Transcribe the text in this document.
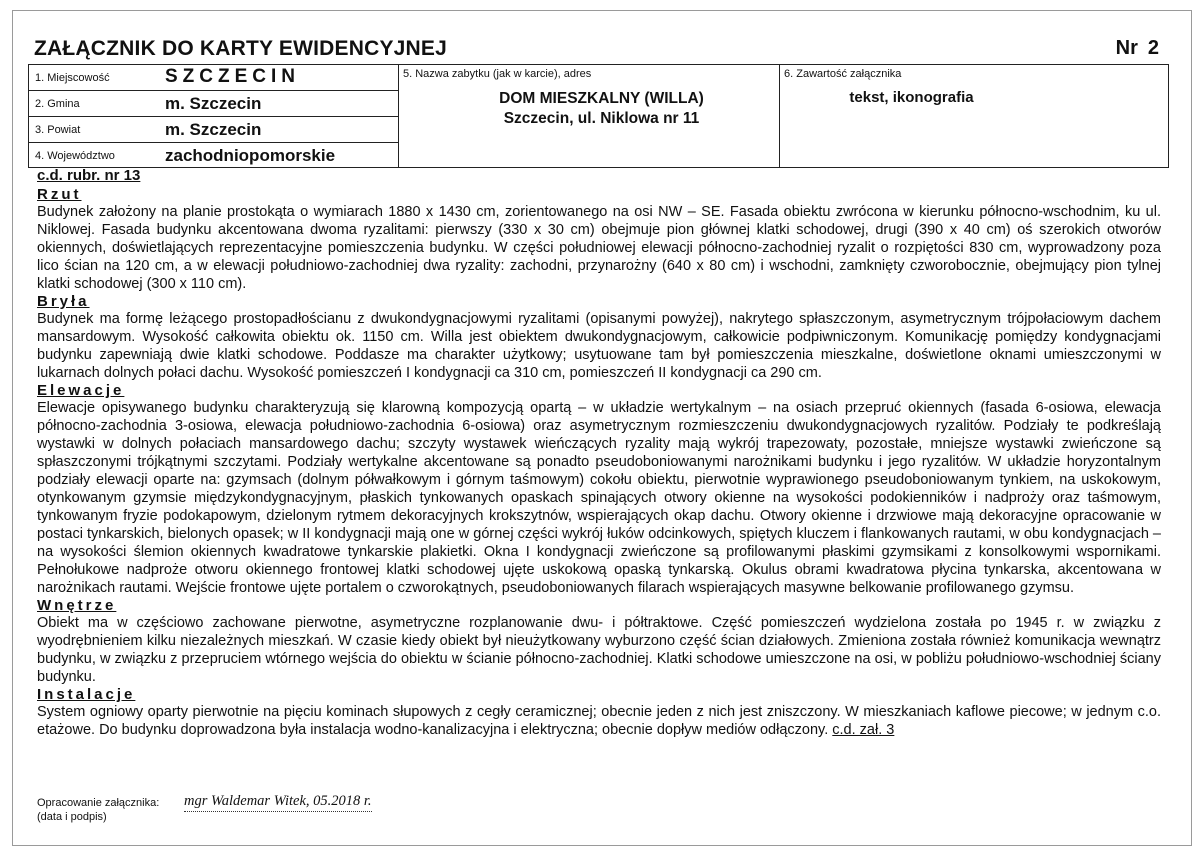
ZAŁĄCZNIK DO KARTY EWIDENCYJNEJ	Nr 2
1. Miejscowość	SZCZECIN
2. Gmina	m. Szczecin
3. Powiat	m. Szczecin
4. Województwo	zachodniopomorskie
5. Nazwa zabytku (jak w karcie), adres
DOM MIESZKALNY (WILLA)
Szczecin, ul. Niklowa nr 11
6. Zawartość załącznika
tekst, ikonografia
c.d. rubr. nr 13
Rzut

Budynek założony na planie prostokąta o wymiarach 1880 x 1430 cm, zorientowanego na osi NW – SE. Fasada obiektu zwrócona w kierunku północno-wschodnim, ku ul. Niklowej. Fasada budynku akcentowana dwoma ryzalitami: pierwszy (330 x 30 cm) obejmuje pion głównej klatki schodowej, drugi (390 x 40 cm) oś szerokich otworów okiennych, doświetlających reprezentacyjne pomieszczenia budynku. W części południowej elewacji północno-zachodniej ryzalit o rozpiętości 830 cm, wyprowadzony poza lico ścian na 120 cm, a w elewacji południowo-zachodniej dwa ryzality: zachodni, przynarożny (640 x 80 cm) i wschodni, zamknięty czworobocznie, obejmujący pion tylnej klatki schodowej (300 x 110 cm).

Bryła

Budynek ma formę leżącego prostopadłościanu z dwukondygnacjowymi ryzalitami (opisanymi powyżej), nakrytego spłaszczonym, asymetrycznym trójpołaciowym dachem mansardowym. Wysokość całkowita obiektu ok. 1150 cm. Willa jest obiektem dwukondygnacjowym, całkowicie podpiwniczonym. Komunikację pomiędzy kondygnacjami budynku zapewniają dwie klatki schodowe. Poddasze ma charakter użytkowy; usytuowane tam był pomieszczenia mieszkalne, doświetlone oknami umieszczonymi w lukarnach dolnych połaci dachu. Wysokość pomieszczeń I kondygnacji ca 310 cm, pomieszczeń II kondygnacji ca 290 cm.

Elewacje

Elewacje opisywanego budynku charakteryzują się klarowną kompozycją opartą – w układzie wertykalnym – na osiach przepruć okiennych (fasada 6-osiowa, elewacja północno-zachodnia 3-osiowa, elewacja południowo-zachodnia 6-osiowa) oraz asymetrycznym rozmieszczeniu dwukondygnacjowych ryzalitów. Podziały te podkreślają wystawki w dolnych połaciach mansardowego dachu; szczyty wystawek wieńczących ryzality mają wykrój trapezowaty, pozostałe, mniejsze wystawki zwieńczone są spłaszczonymi trójkątnymi szczytami. Podziały wertykalne akcentowane są ponadto pseudoboniowanymi narożnikami budynku i jego ryzalitów. W układzie horyzontalnym podziały elewacji oparte na: gzymsach (dolnym półwałkowym i górnym taśmowym) cokołu obiektu, pierwotnie wyprawionego pseudoboniowanym tynkiem, na uskokowym, otynkowanym gzymsie międzykondygnacyjnym, płaskich tynkowanych opaskach spinających otwory okienne na wysokości podokienników i nadproży oraz taśmowym, tynkowanym fryzie podokapowym, dzielonym rytmem dekoracyjnych krokszytnów, wspierających okap dachu. Otwory okienne i drzwiowe mają dekoracyjne opracowanie w postaci tynkarskich, bielonych opasek; w II kondygnacji mają one w górnej części wykrój łuków odcinkowych, spiętych kluczem i flankowanych rautami, w obu kondygnacjach – na wysokości ślemion okiennych kwadratowe tynkarskie plakietki. Okna I kondygnacji zwieńczone są profilowanymi płaskimi gzymsikami z konsolkowymi wspornikami. Pełnołukowe nadproże otworu okiennego frontowej klatki schodowej ujęte uskokową opaską tynkarską. Okulus obrami kwadratowa płycina tynkarska, akcentowana w narożnikach rautami. Wejście frontowe ujęte portalem o czworokątnych, pseudoboniowanych filarach wspierających masywne belkowanie profilowanego gzymsu.

Wnętrze

Obiekt ma w częściowo zachowane pierwotne, asymetryczne rozplanowanie dwu- i półtraktowe. Część pomieszczeń wydzielona została po 1945 r. w związku z wyodrębnieniem kilku niezależnych mieszkań. W czasie kiedy obiekt był nieużytkowany wyburzono część ścian działowych. Zmieniona została również komunikacja wewnątrz budynku, w związku z przepruciem wtórnego wejścia do obiektu w ścianie północno-zachodniej. Klatki schodowe umieszczone na osi, w pobliżu południowo-wschodniej ściany budynku.

Instalacje

System ogniowy oparty pierwotnie na pięciu kominach słupowych z cegły ceramicznej; obecnie jeden z nich jest zniszczony. W mieszkaniach kaflowe piecowe; w jednym c.o. etażowe. Do budynku doprowadzona była instalacja wodno-kanalizacyjna i elektryczna; obecnie dopływ mediów odłączony. c.d. zał. 3

Opracowanie załącznika:
(data i podpis)
mgr Waldemar Witek, 05.2018 r.
